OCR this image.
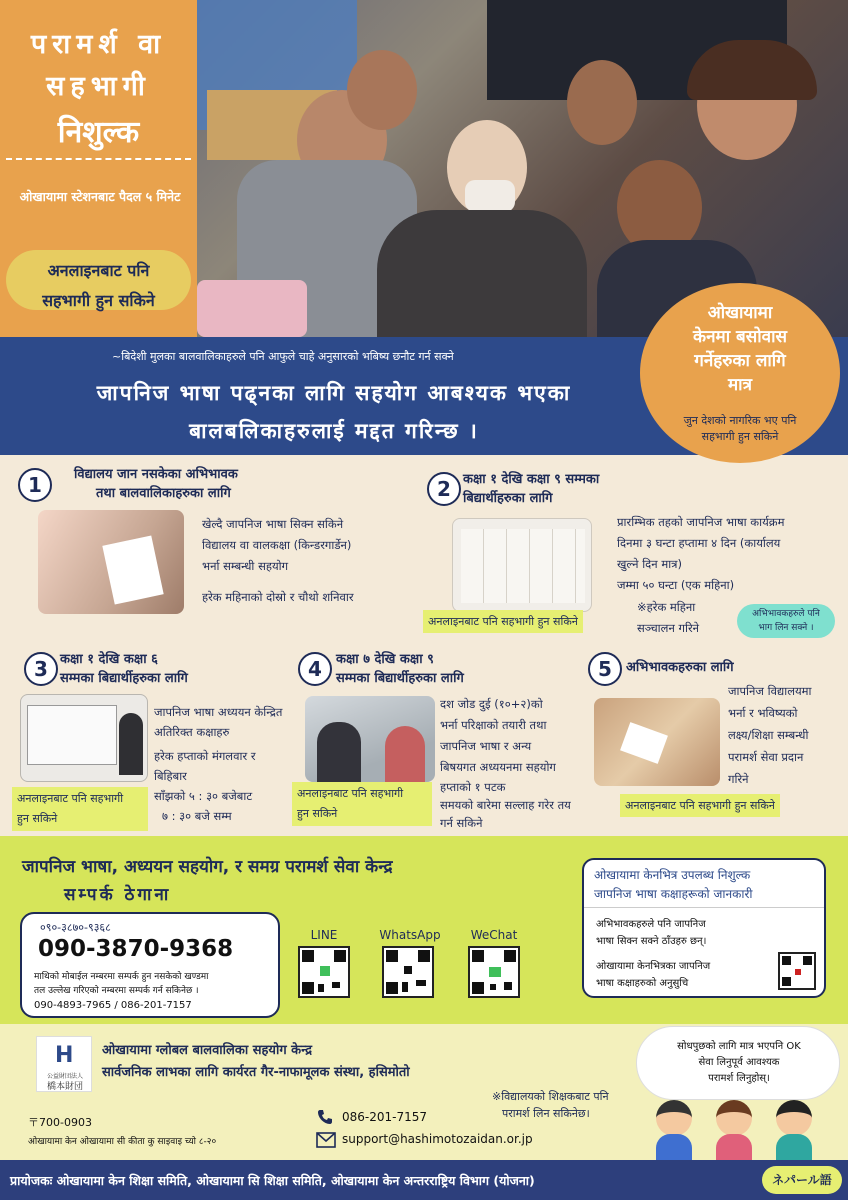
परामर्श वा
सहभागी
निशुल्क
ओखायामा स्टेशनबाट पैदल ५ मिनेट
अनलाइनबाट पनि
सहभागी हुन सकिने
~बिदेशी मुलका बालवालिकाहरुले पनि आफुले चाहे अनुसारको भबिष्य छनौट गर्न सक्ने
जापनिज भाषा पढ्नका लागि सहयोग आबश्यक भएका
बालबलिकाहरुलाई मद्दत गरिन्छ ।
ओखायामा
केनमा बसोवास
गर्नेहरुका लागि
मात्र
जुन देशको नागरिक भए पनि
सहभागी हुन सकिने
1	विद्यालय जान नसकेका अभिभावक
तथा बालवालिकाहरुका लागि
खेल्दै जापनिज भाषा सिक्न सकिने
विद्यालय वा वालकक्षा (किन्डरगार्डेन)
भर्ना सम्बन्धी सहयोग
हरेक महिनाको दोस्रो र चौथो शनिवार
2 कक्षा १ देखि कक्षा ९ सम्मका
बिद्यार्थीहरुका लागि
प्रारम्भिक तहको जापनिज भाषा कार्यक्रम
दिनमा ३ घन्टा हप्तामा ४ दिन (कार्यालय
खुल्ने दिन मात्र)
जम्मा ५० घन्टा (एक महिना)
※हरेक महिना
सञ्चालन गरिने
अनलाइनबाट पनि सहभागी हुन सकिने
अभिभावकहरुले पनि
भाग लिन सक्ने ।
3 कक्षा १ देखि कक्षा ६
सम्मका बिद्यार्थीहरुका लागि
जापनिज भाषा अध्ययन केन्द्रित
अतिरिक्त कक्षाहरु
हरेक हप्ताको मंगलवार र
बिहिबार
साँझको ५ : ३० बजेबाट
७ : ३० बजे सम्म
अनलाइनबाट पनि सहभागी
हुन सकिने
4	कक्षा ७ देखि कक्षा ९
सम्मका बिद्यार्थीहरुका लागि
दश जोड दुई (१०+२)को
भर्ना परिक्षाको तयारी तथा
जापनिज भाषा र अन्य
बिषयगत अध्ययनमा सहयोग
हप्ताको १ पटक
समयको बारेमा सल्लाह गरेर तय
गर्न सकिने
अनलाइनबाट पनि सहभागी
हुन सकिने
5	अभिभावकहरुका लागि
जापनिज विद्यालयमा
भर्ना र भविष्यको
लक्ष्य/शिक्षा सम्बन्धी
परामर्श सेवा प्रदान
गरिने
अनलाइनबाट पनि सहभागी हुन सकिने
जापनिज भाषा, अध्ययन सहयोग, र समग्र परामर्श सेवा केन्द्र
सम्पर्क ठेगाना
०९०-३८७०-९३६८
090-3870-9368
माथिको मोबाईल नम्बरमा सम्पर्क हुन नसकेको खण्डमा
तल उल्लेख गरिएको नम्बरमा सम्पर्क गर्न सकिनेछ ।
090-4893-7965 / 086-201-7157
LINE	WhatsApp	WeChat
ओखायामा केनभित्र उपलब्ध निशुल्क
जापनिज भाषा कक्षाहरूको जानकारी
अभिभावकहरुले पनि जापनिज
भाषा सिक्न सक्ने ठाँउहरु छन्।
ओखायामा केनभित्रका जापनिज
भाषा कक्षाहरुको अनुसुचि
H
公益財団法人
橋本財団
ओखायामा ग्लोबल बालवालिका सहयोग केन्द्र
सार्वजनिक लाभका लागि कार्यरत गैर-नाफामूलक संस्था, हसिमोतो
※विद्यालयको शिक्षकबाट पनि
परामर्श लिन सकिनेछ।
〒700-0903
ओखायामा केन ओखायामा सी कीता कु साइवाइ च्यो ८-२०
086-201-7157
support@hashimotozaidan.or.jp
सोधपुछको लागि मात्र भएपनि OK
सेवा लिनुपूर्व आवश्यक
परामर्श लिनुहोस्।
प्रायोजकः ओखायामा केन शिक्षा समिति, ओखायामा सि शिक्षा समिति, ओखायामा केन अन्तरराष्ट्रिय विभाग (योजना)	ネパール語
